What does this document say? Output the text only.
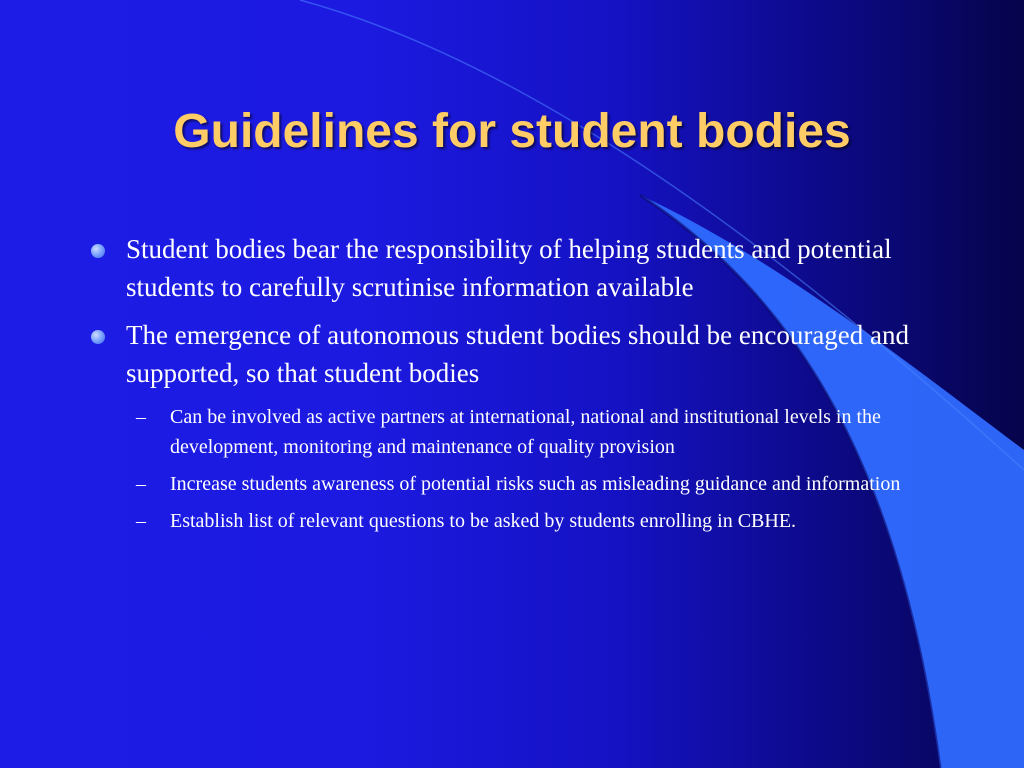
Guidelines for student bodies
Student bodies bear the responsibility of helping students and potential students to carefully scrutinise information available
The emergence of autonomous student bodies should be encouraged and supported, so that student bodies
– Can be involved as active partners at international, national and institutional levels in the development, monitoring and maintenance of quality provision
– Increase students awareness of potential risks such as misleading guidance and information
– Establish list of relevant questions to be asked by students enrolling in CBHE.
